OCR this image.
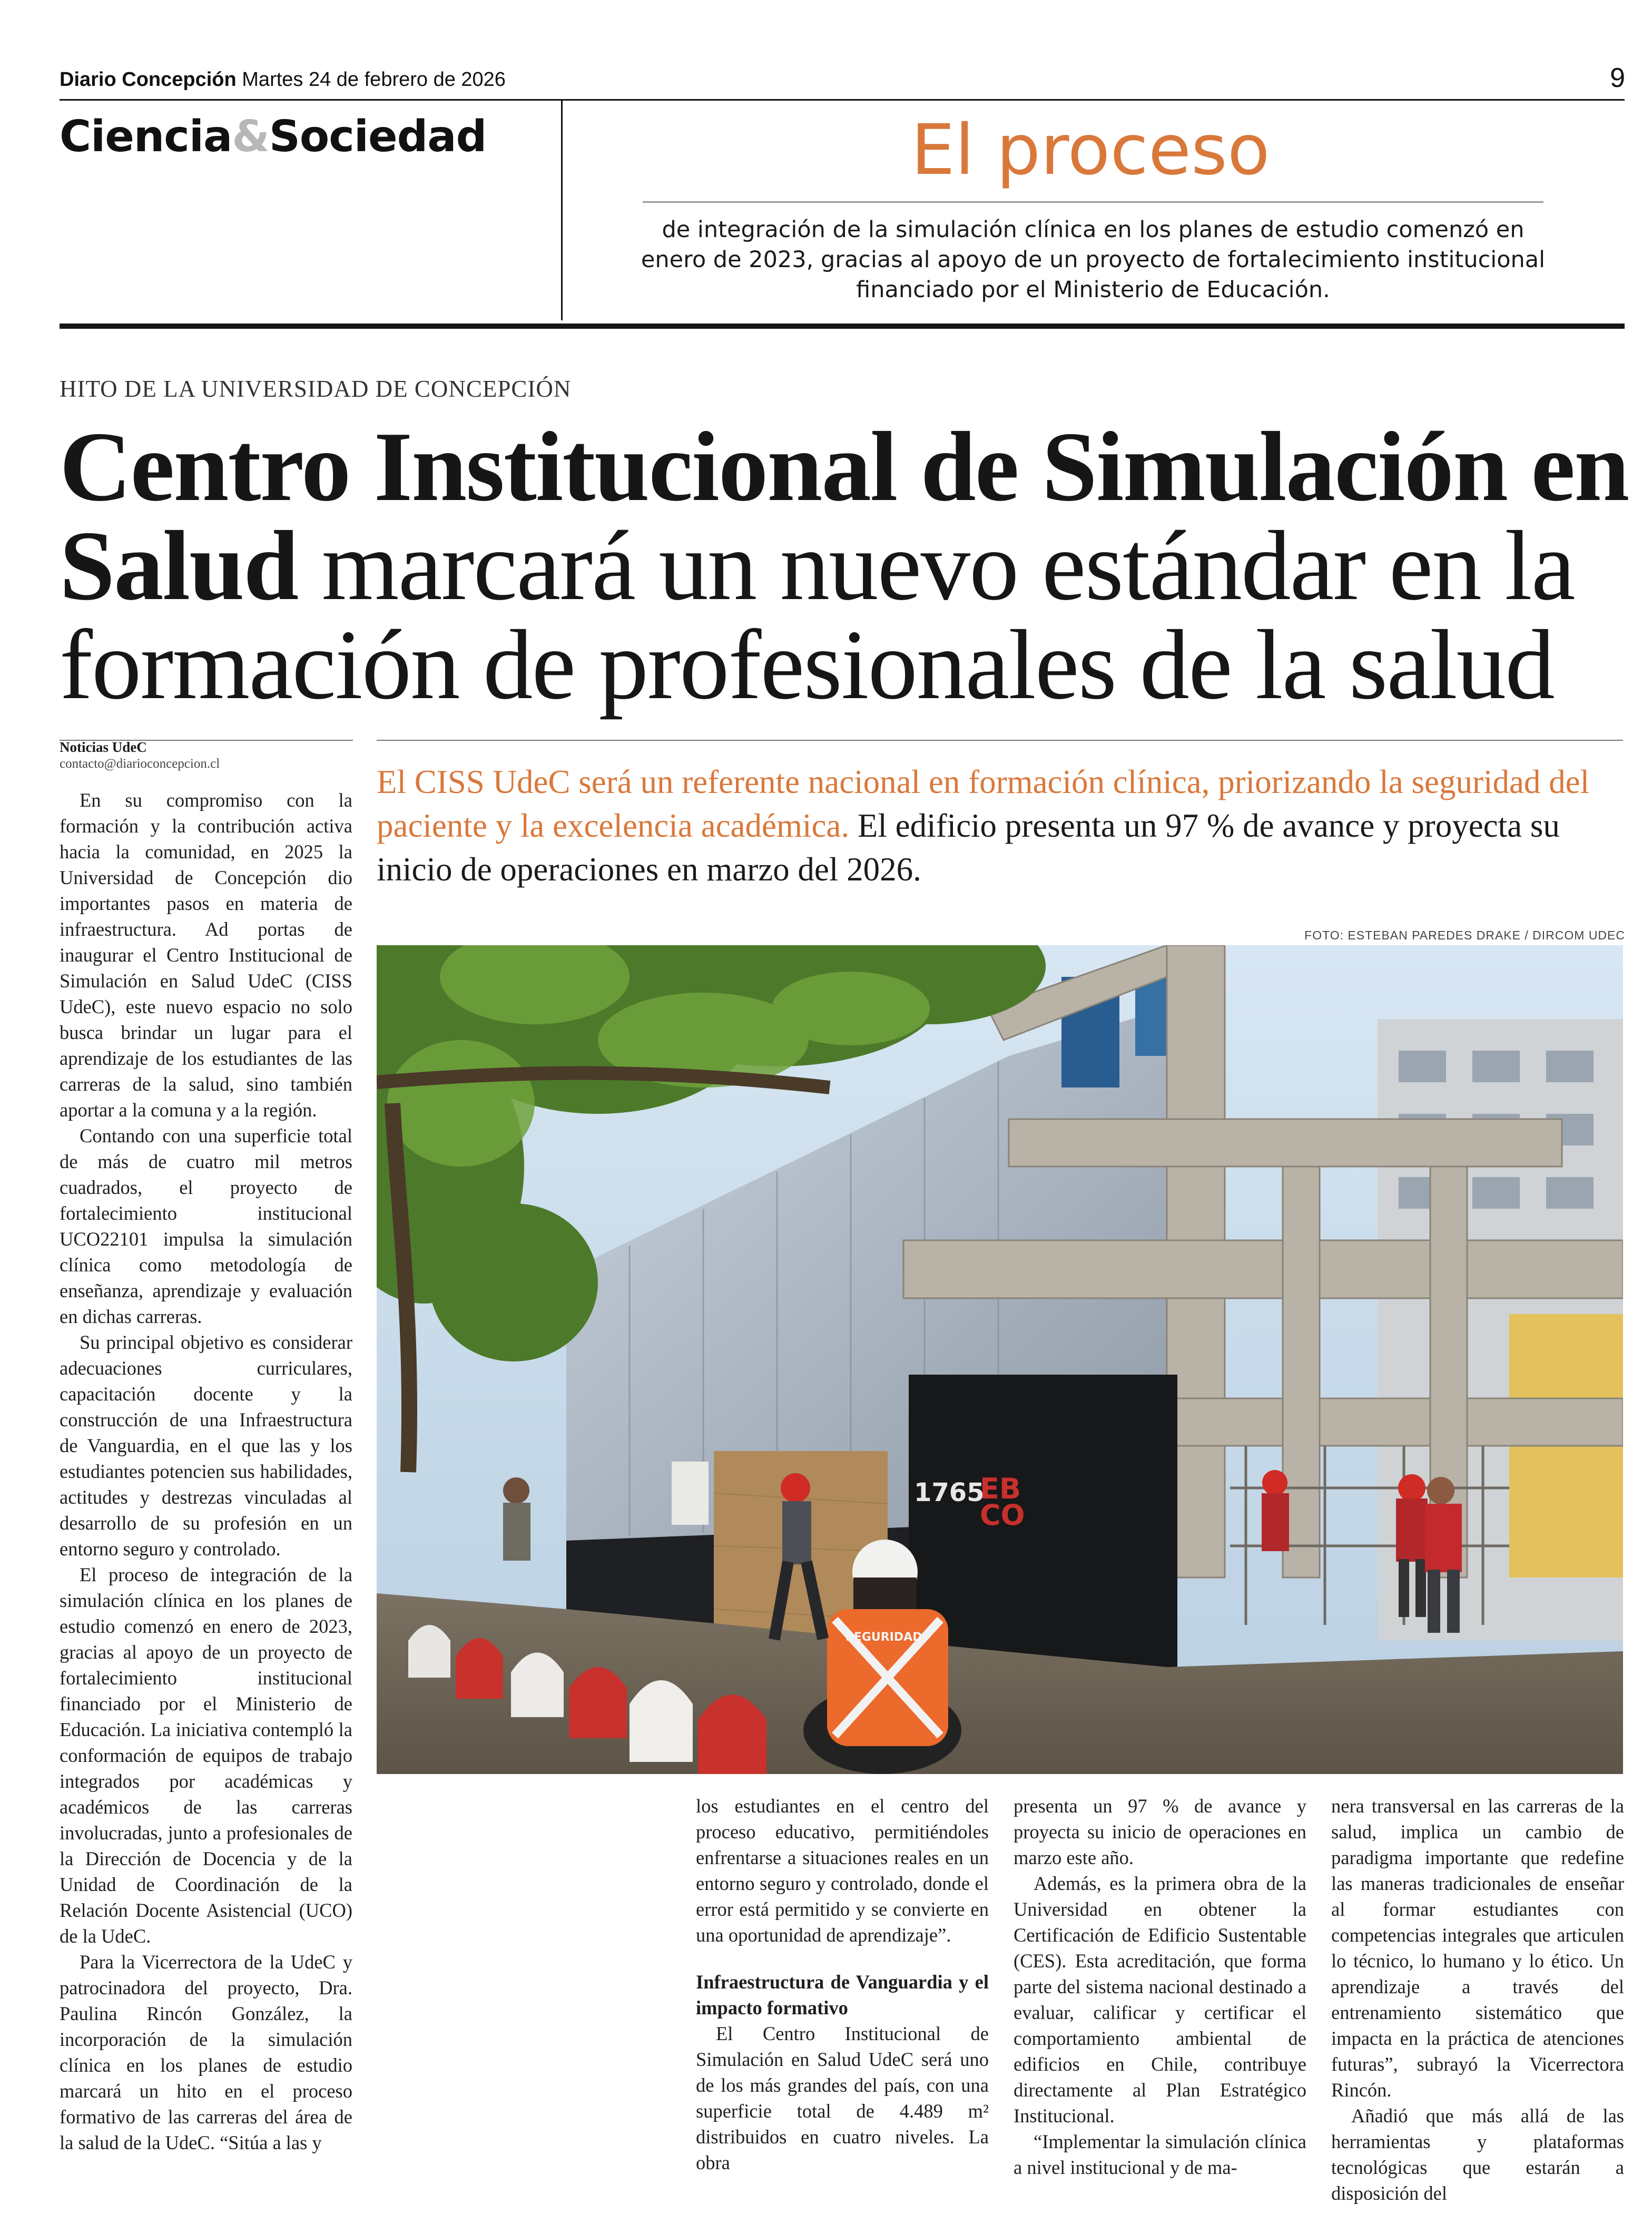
Diario Concepción Martes 24 de febrero de 2026	9
Ciencia&Sociedad	El proceso
de integración de la simulación clínica en los planes de estudio comenzó en enero de 2023, gracias al apoyo de un proyecto de fortalecimiento institucional financiado por el Ministerio de Educación.
HITO DE LA UNIVERSIDAD DE CONCEPCIÓN
Centro Institucional de Simulación en Salud marcará un nuevo estándar en la formación de profesionales de la salud
Noticias UdeC
contacto@diarioconcepcion.cl	El CISS UdeC será un referente nacional en formación clínica, priorizando la seguridad del paciente y la excelencia académica. El edificio presenta un 97 % de avance y proyecta su inicio de operaciones en marzo del 2026.
FOTO: ESTEBAN PAREDES DRAKE / DIRCOM UDEC
1765
EB
CO
SEGURIDAD

En su compromiso con la formación y la contribución activa hacia la comunidad, en 2025 la Universidad de Concepción dio importantes pasos en materia de infraestructura. Ad portas de inaugurar el Centro Institucional de Simulación en Salud UdeC (CISS UdeC), este nuevo espacio no solo busca brindar un lugar para el aprendizaje de los estudiantes de las carreras de la salud, sino también aportar a la comuna y a la región.

Contando con una superficie total de más de cuatro mil metros cuadrados, el proyecto de fortalecimiento institucional UCO22101 impulsa la simulación clínica como metodología de enseñanza, aprendizaje y evaluación en dichas carreras.

Su principal objetivo es considerar adecuaciones curriculares, capacitación docente y la construcción de una Infraestructura de Vanguardia, en el que las y los estudiantes potencien sus habilidades, actitudes y destrezas vinculadas al desarrollo de su profesión en un entorno seguro y controlado.

El proceso de integración de la simulación clínica en los planes de estudio comenzó en enero de 2023, gracias al apoyo de un proyecto de fortalecimiento institucional financiado por el Ministerio de Educación. La iniciativa contempló la conformación de equipos de trabajo integrados por académicas y académicos de las carreras involucradas, junto a profesionales de la Dirección de Docencia y de la Unidad de Coordinación de la Relación Docente Asistencial (UCO) de la UdeC.

Para la Vicerrectora de la UdeC y patrocinadora del proyecto, Dra. Paulina Rincón González, la incorporación de la simulación clínica en los planes de estudio marcará un hito en el proceso formativo de las carreras del área de la salud de la UdeC. “Sitúa a las y

los estudiantes en el centro del proceso educativo, permitiéndoles enfrentarse a situaciones reales en un entorno seguro y controlado, donde el error está permitido y se convierte en una oportunidad de aprendizaje”.

Infraestructura de Vanguardia y el impacto formativo

El Centro Institucional de Simulación en Salud UdeC será uno de los más grandes del país, con una superficie total de 4.489 m² distribuidos en cuatro niveles. La obra

presenta un 97 % de avance y proyecta su inicio de operaciones en marzo este año.

Además, es la primera obra de la Universidad en obtener la Certificación de Edificio Sustentable (CES). Esta acreditación, que forma parte del sistema nacional destinado a evaluar, calificar y certificar el comportamiento ambiental de edificios en Chile, contribuye directamente al Plan Estratégico Institucional.

“Implementar la simulación clínica a nivel institucional y de ma-

nera transversal en las carreras de la salud, implica un cambio de paradigma importante que redefine las maneras tradicionales de enseñar al formar estudiantes con competencias integrales que articulen lo técnico, lo humano y lo ético. Un aprendizaje a través del entrenamiento sistemático que impacta en la práctica de atenciones futuras”, subrayó la Vicerrectora Rincón.

Añadió que más allá de las herramientas y plataformas tecnológicas que estarán a disposición del
